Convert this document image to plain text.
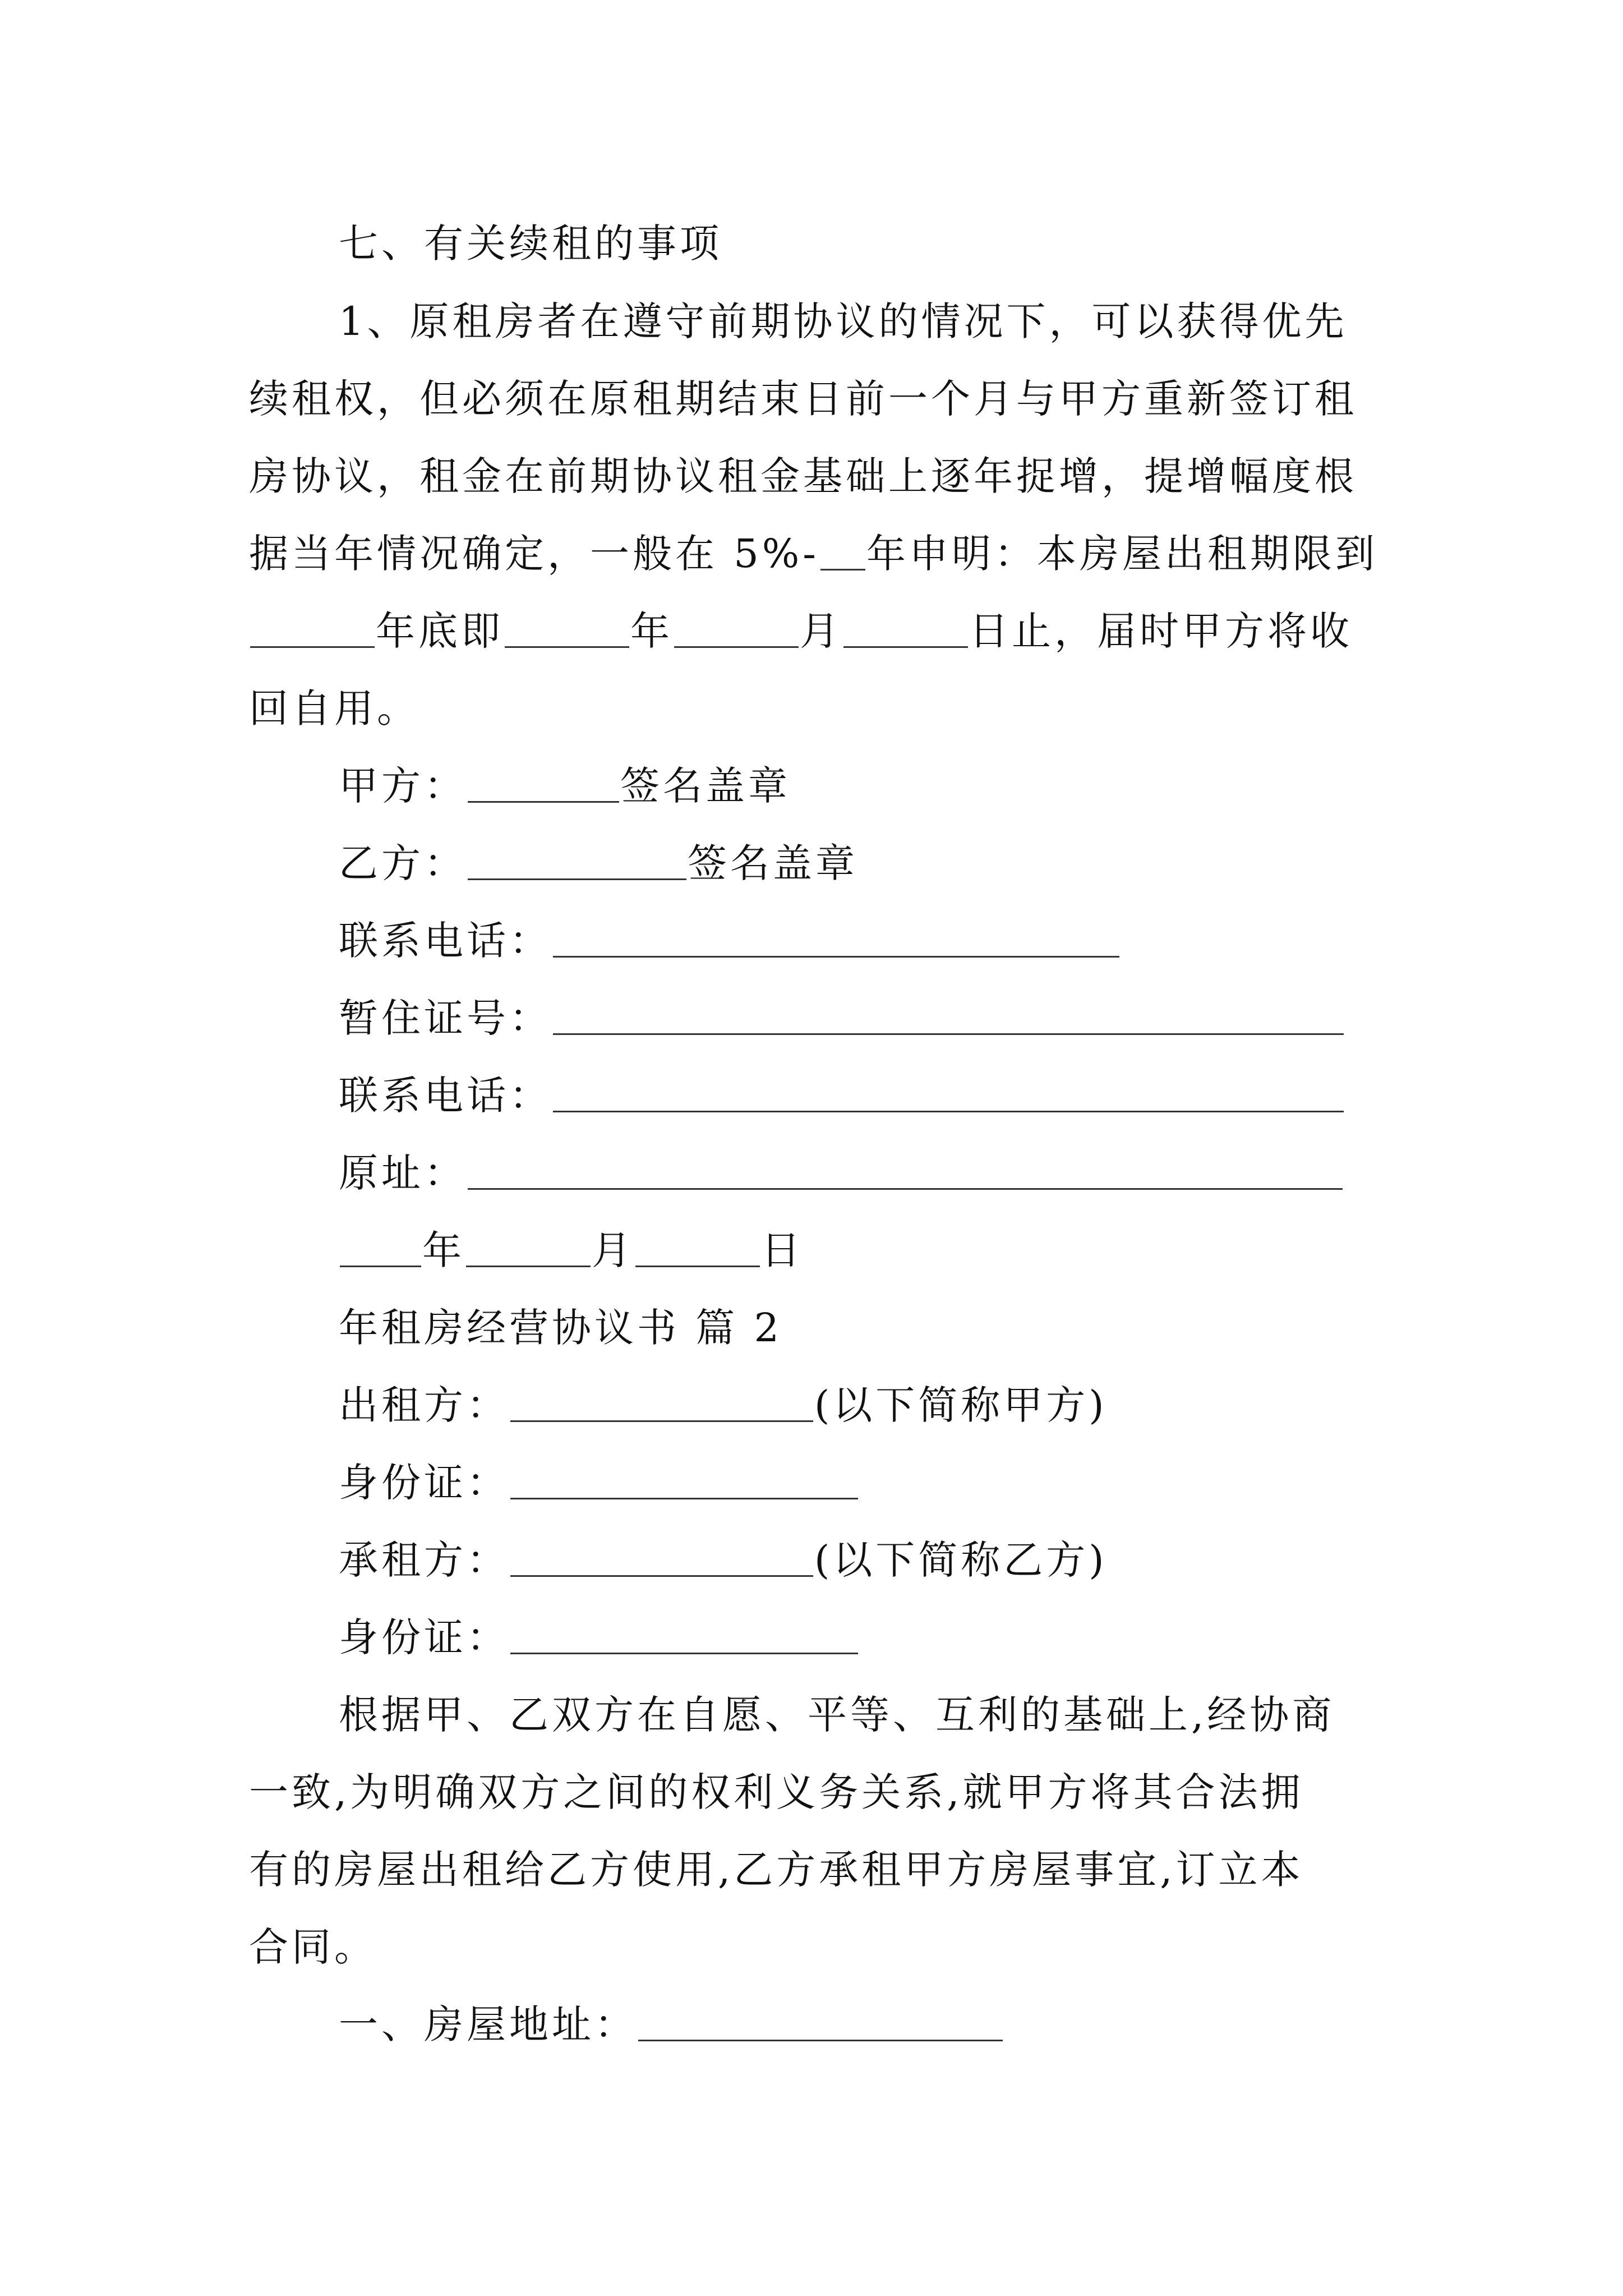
七、有关续租的事项
1、原租房者在遵守前期协议的情况下，可以获得优先
续租权，但必须在原租期结束日前一个月与甲方重新签订租
房协议，租金在前期协议租金基础上逐年捉增，提增幅度根
据当年情况确定，一般在 5%- 年申明：本房屋出租期限到
年底即	年	月	日止，届时甲方将收
回自用。
甲方：	签名盖章
乙方：	签名盖章
联系电话：
暂住证号：
联系电话：
原址：
年	月	日
年租房经营协议书 篇 2
出租方：	(以下简称甲方)
身份证：
承租方：	(以下简称乙方)
身份证：
根据甲、乙双方在自愿、平等、互利的基础上,经协商
一致,为明确双方之间的权利义务关系,就甲方将其合法拥
有的房屋出租给乙方使用,乙方承租甲方房屋事宜,订立本
合同。
一、房屋地址：
